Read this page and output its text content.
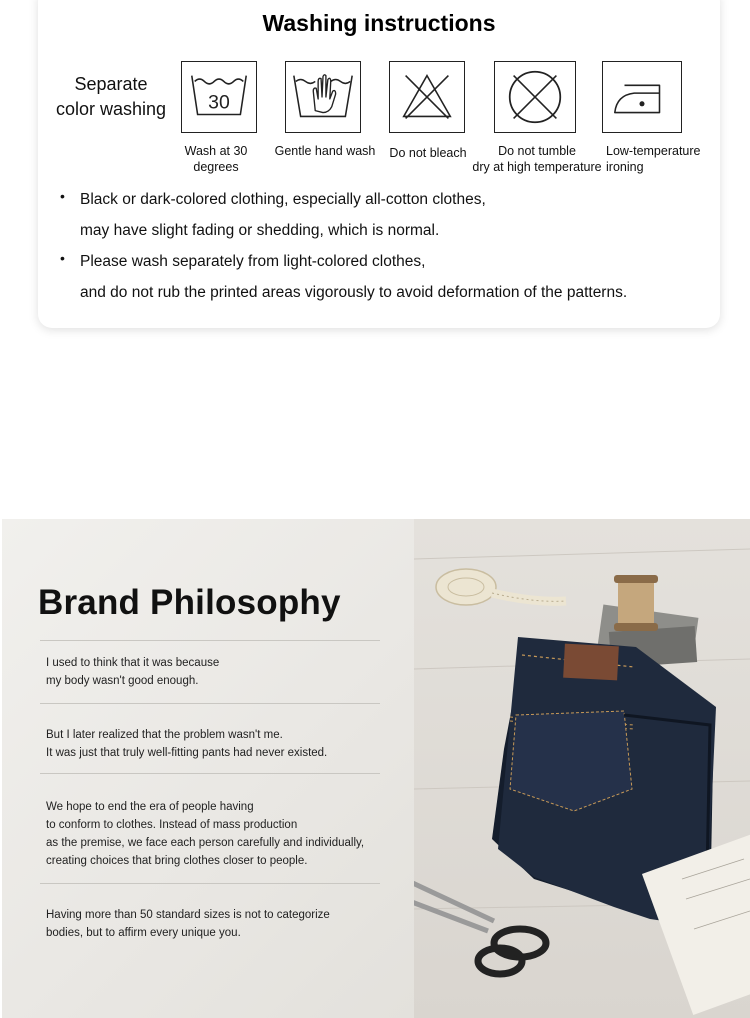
Washing instructions
Separate
color washing 30
Wash at 30
degrees
Gentle hand wash	Do not bleach	Do not tumble
dry at high temperature
Low-temperature
ironing
• Black or dark-colored clothing, especially all-cotton clothes,
may have slight fading or shedding, which is normal.
• Please wash separately from light-colored clothes,
and do not rub the printed areas vigorously to avoid deformation of the patterns.
Brand Philosophy
I used to think that it was because
my body wasn't good enough.
But I later realized that the problem wasn't me.
It was just that truly well-fitting pants had never existed.
We hope to end the era of people having
to conform to clothes. Instead of mass production
as the premise, we face each person carefully and individually,
creating choices that bring clothes closer to people.
Having more than 50 standard sizes is not to categorize
bodies, but to affirm every unique you.
